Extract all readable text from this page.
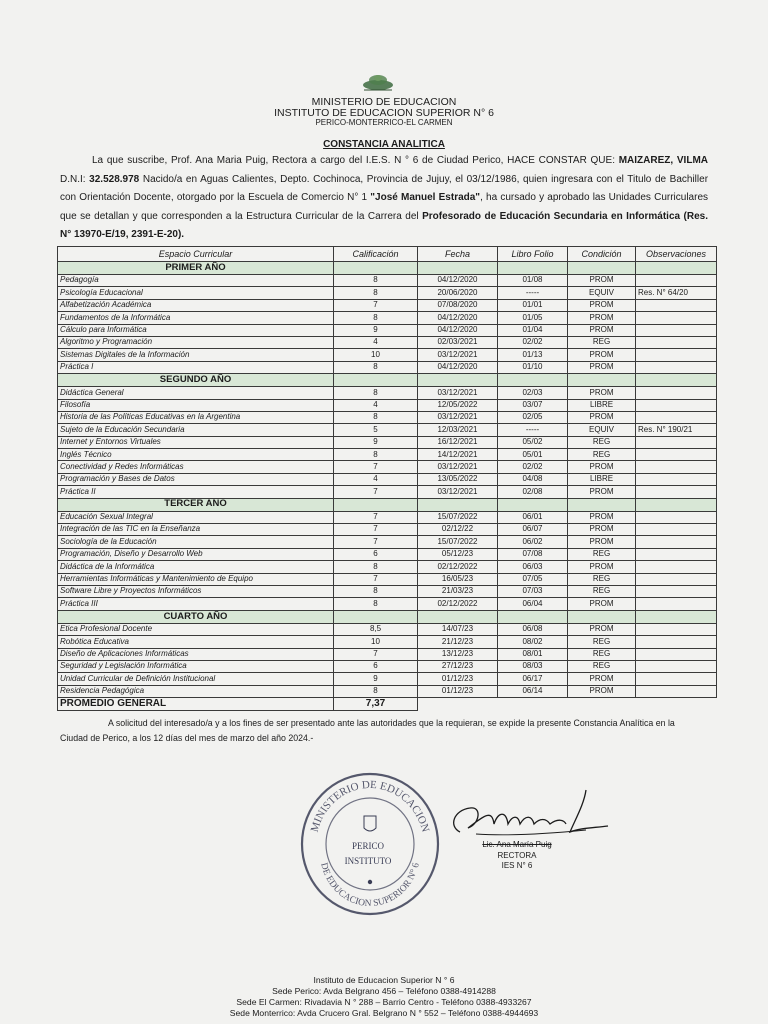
MINISTERIO DE EDUCACION
INSTITUTO DE EDUCACION SUPERIOR N° 6
PERICO-MONTERRICO-EL CARMEN
CONSTANCIA ANALITICA
La que suscribe, Prof. Ana Maria Puig, Rectora a cargo del I.E.S. N ° 6 de Ciudad Perico, HACE CONSTAR QUE: MAIZAREZ, VILMA D.N.I: 32.528.978 Nacido/a en Aguas Calientes, Depto. Cochinoca, Provincia de Jujuy, el 03/12/1986, quien ingresara con el Titulo de Bachiller con Orientación Docente, otorgado por la Escuela de Comercio N° 1 "José Manuel Estrada", ha cursado y aprobado las Unidades Curriculares que se detallan y que corresponden a la Estructura Curricular de la Carrera del Profesorado de Educación Secundaria en Informática (Res. N° 13970-E/19, 2391-E-20).
Espacio Curricular	Calificación	Fecha	Libro Folio	Condición	Observaciones
PRIMER AÑO					
Pedagogía	8	04/12/2020	01/08	PROM	
Psicología Educacional	8	20/06/2020	-----	EQUIV	Res. N° 64/20
Alfabetización Académica	7	07/08/2020	01/01	PROM	
Fundamentos de la Informática	8	04/12/2020	01/05	PROM	
Cálculo para Informática	9	04/12/2020	01/04	PROM	
Algoritmo y Programación	4	02/03/2021	02/02	REG	
Sistemas Digitales de la Información	10	03/12/2021	01/13	PROM	
Práctica I	8	04/12/2020	01/10	PROM	
SEGUNDO AÑO					
Didáctica General	8	03/12/2021	02/03	PROM	
Filosofía	4	12/05/2022	03/07	LIBRE	
Historia de las Políticas Educativas en la Argentina	8	03/12/2021	02/05	PROM	
Sujeto de la Educación Secundaria	5	12/03/2021	-----	EQUIV	Res. N° 190/21
Internet y Entornos Virtuales	9	16/12/2021	05/02	REG	
Inglés Técnico	8	14/12/2021	05/01	REG	
Conectividad y Redes Informáticas	7	03/12/2021	02/02	PROM	
Programación y Bases de Datos	4	13/05/2022	04/08	LIBRE	
Práctica II	7	03/12/2021	02/08	PROM	
TERCER AÑO					
Educación Sexual Integral	7	15/07/2022	06/01	PROM	
Integración de las TIC en la Enseñanza	7	02/12/22	06/07	PROM	
Sociología de la Educación	7	15/07/2022	06/02	PROM	
Programación, Diseño y Desarrollo Web	6	05/12/23	07/08	REG	
Didáctica de la Informática	8	02/12/2022	06/03	PROM	
Herramientas Informáticas y Mantenimiento de Equipo	7	16/05/23	07/05	REG	
Software Libre y Proyectos Informáticos	8	21/03/23	07/03	REG	
Práctica III	8	02/12/2022	06/04	PROM	
CUARTO AÑO					
Etica Profesional Docente	8,5	14/07/23	06/08	PROM	
Robótica Educativa	10	21/12/23	08/02	REG	
Diseño de Aplicaciones Informáticas	7	13/12/23	08/01	REG	
Seguridad y Legislación Informática	6	27/12/23	08/03	REG	
Unidad Curricular de Definición Institucional	9	01/12/23	06/17	PROM	
Residencia Pedagógica	8	01/12/23	06/14	PROM	
PROMEDIO GENERAL	7,37				
A solicitud del interesado/a y a los fines de ser presentado ante las autoridades que la requieran, se expide la presente Constancia Analítica en la
Ciudad de Perico, a los 12 días del mes de marzo del año 2024.-
MINISTERIO DE EDUCACION
DE EDUCACION SUPERIOR N° 6
PERICO
INSTITUTO
Lic. Ana María Puig
RECTORA
IES N° 6
Instituto de Educacion Superior N ° 6
Sede Perico: Avda Belgrano 456 – Teléfono 0388-4914288
Sede El Carmen: Rivadavia N ° 288 – Barrio Centro - Teléfono 0388-4933267
Sede Monterrico: Avda Crucero Gral. Belgrano N ° 552 – Teléfono 0388-4944693
